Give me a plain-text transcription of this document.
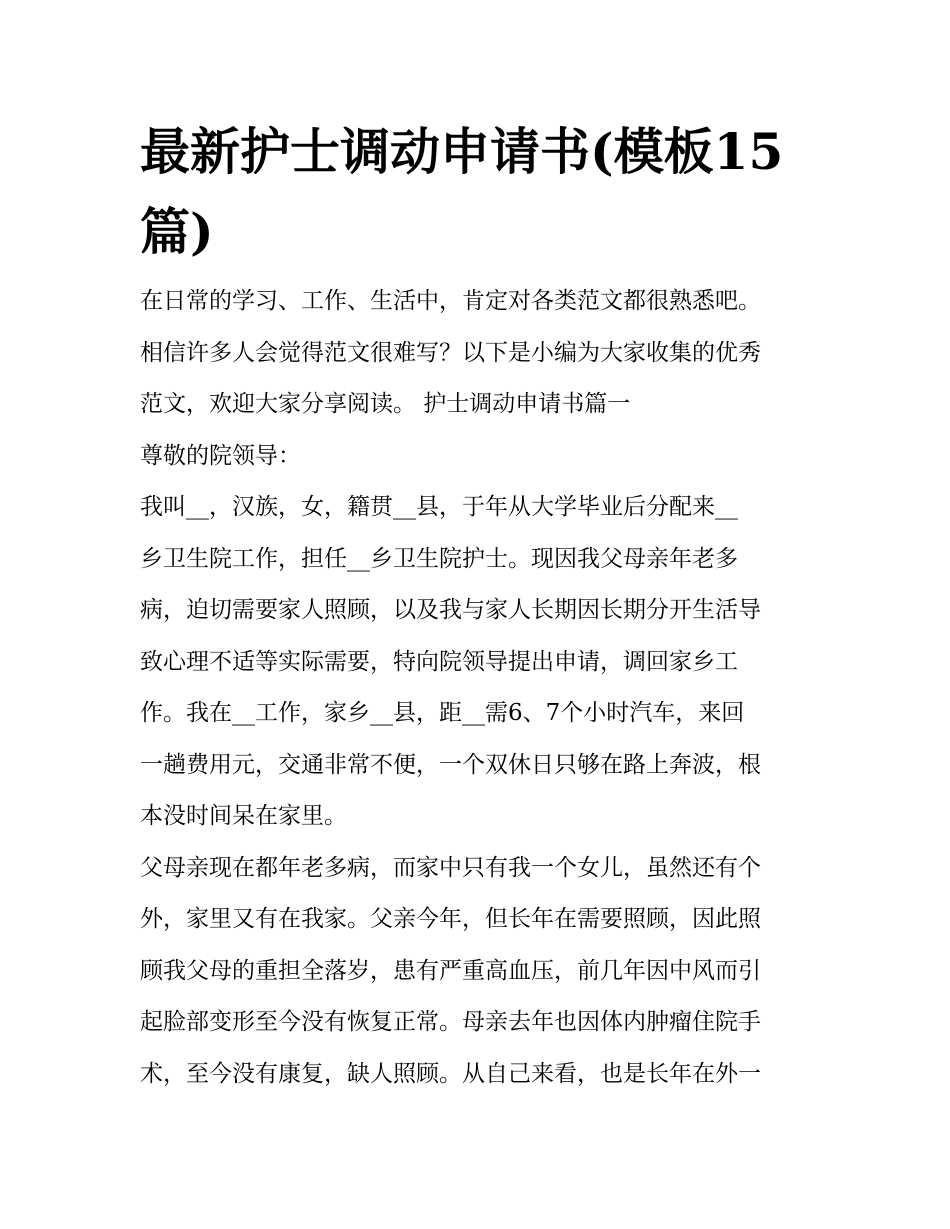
最新护士调动申请书(模板15篇)

在日常的学习、工作、生活中，肯定对各类范文都很熟悉吧。
相信许多人会觉得范文很难写？以下是小编为大家收集的优秀
范文，欢迎大家分享阅读。 护士调动申请书篇一

尊敬的院领导：

我叫__，汉族，女，籍贯__县，于年从大学毕业后分配来__
乡卫生院工作，担任__乡卫生院护士。现因我父母亲年老多
病，迫切需要家人照顾，以及我与家人长期因长期分开生活导
致心理不适等实际需要，特向院领导提出申请，调回家乡工
作。我在__工作，家乡__县，距__需6、7个小时汽车，来回
一趟费用元，交通非常不便，一个双休日只够在路上奔波，根
本没时间呆在家里。

父母亲现在都年老多病，而家中只有我一个女儿，虽然还有个
外，家里又有在我家。父亲今年，但长年在需要照顾，因此照
顾我父母的重担全落岁，患有严重高血压，前几年因中风而引
起脸部变形至今没有恢复正常。母亲去年也因体内肿瘤住院手
术，至今没有康复，缺人照顾。从自己来看，也是长年在外一
